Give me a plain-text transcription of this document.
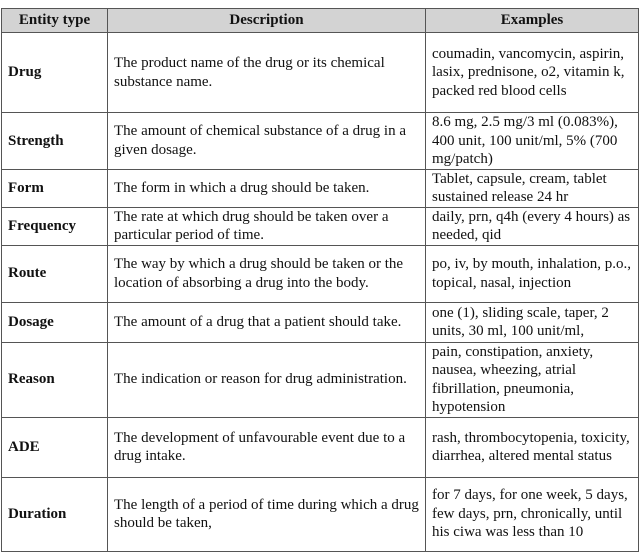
Entity type	Description	Examples
Drug	The product name of the drug or its chemical substance name.	coumadin, vancomycin, aspirin, lasix, prednisone, o2, vitamin k, packed red blood cells
Strength	The amount of chemical substance of a drug in a given dosage.	8.6 mg, 2.5 mg/3 ml (0.083%), 400 unit, 100 unit/ml, 5% (700 mg/patch)
Form	The form in which a drug should be taken.	Tablet, capsule, cream, tablet sustained release 24 hr
Frequency	The rate at which drug should be taken over a particular period of time.	daily, prn, q4h (every 4 hours) as needed, qid
Route	The way by which a drug should be taken or the location of absorbing a drug into the body.	po, iv, by mouth, inhalation, p.o., topical, nasal, injection
Dosage	The amount of a drug that a patient should take.	one (1), sliding scale, taper, 2 units, 30 ml, 100 unit/ml,
Reason	The indication or reason for drug administration.	pain, constipation, anxiety, nausea, wheezing, atrial fibrillation, pneumonia, hypotension
ADE	The development of unfavourable event due to a drug intake.	rash, thrombocytopenia, toxicity, diarrhea, altered mental status
Duration	The length of a period of time during which a drug should be taken,	for 7 days, for one week, 5 days, few days, prn, chronically, until his ciwa was less than 10
